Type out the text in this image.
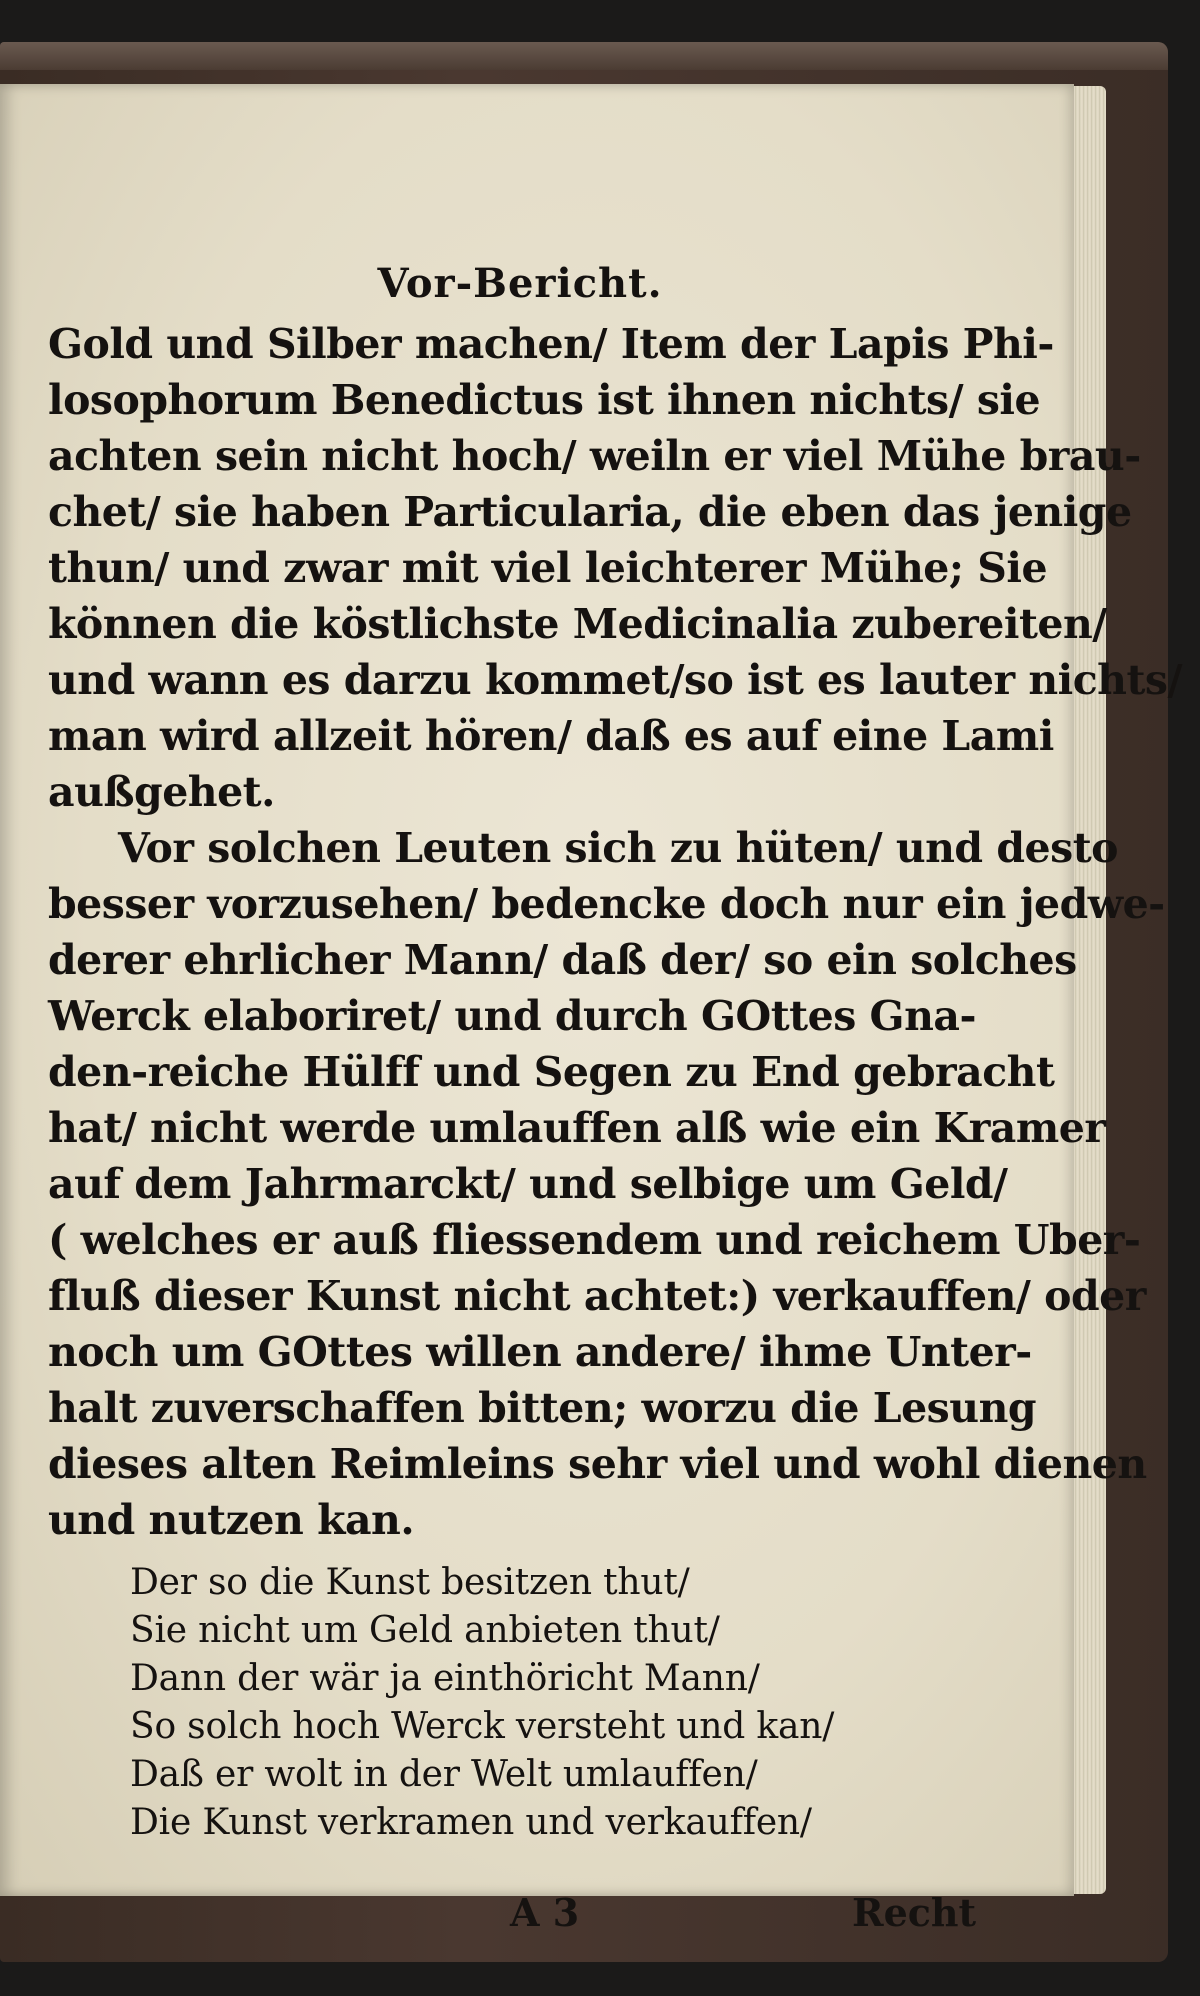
Vor-Bericht.

Gold und Silber machen/ Item der Lapis Phi-

losophorum Benedictus ist ihnen nichts/ sie

achten sein nicht hoch/ weiln er viel Mühe brau-

chet/ sie haben Particularia, die eben das jenige

thun/ und zwar mit viel leichterer Mühe; Sie

können die köstlichste Medicinalia zubereiten/

und wann es darzu kommet/so ist es lauter nichts/

man wird allzeit hören/ daß es auf eine Lami

außgehet.

Vor solchen Leuten sich zu hüten/ und desto

besser vorzusehen/ bedencke doch nur ein jedwe-

derer ehrlicher Mann/ daß der/ so ein solches

Werck elaboriret/ und durch GOttes Gna-

den-reiche Hülff und Segen zu End gebracht

hat/ nicht werde umlauffen alß wie ein Kramer

auf dem Jahrmarckt/ und selbige um Geld/

( welches er auß fliessendem und reichem Uber-

fluß dieser Kunst nicht achtet:) verkauffen/ oder

noch um GOttes willen andere/ ihme Unter-

halt zuverschaffen bitten; worzu die Lesung

dieses alten Reimleins sehr viel und wohl dienen

und nutzen kan.

Der so die Kunst besitzen thut/

Sie nicht um Geld anbieten thut/

Dann der wär ja einthöricht Mann/

So solch hoch Werck versteht und kan/

Daß er wolt in der Welt umlauffen/

Die Kunst verkramen und verkauffen/

A 3	Recht
